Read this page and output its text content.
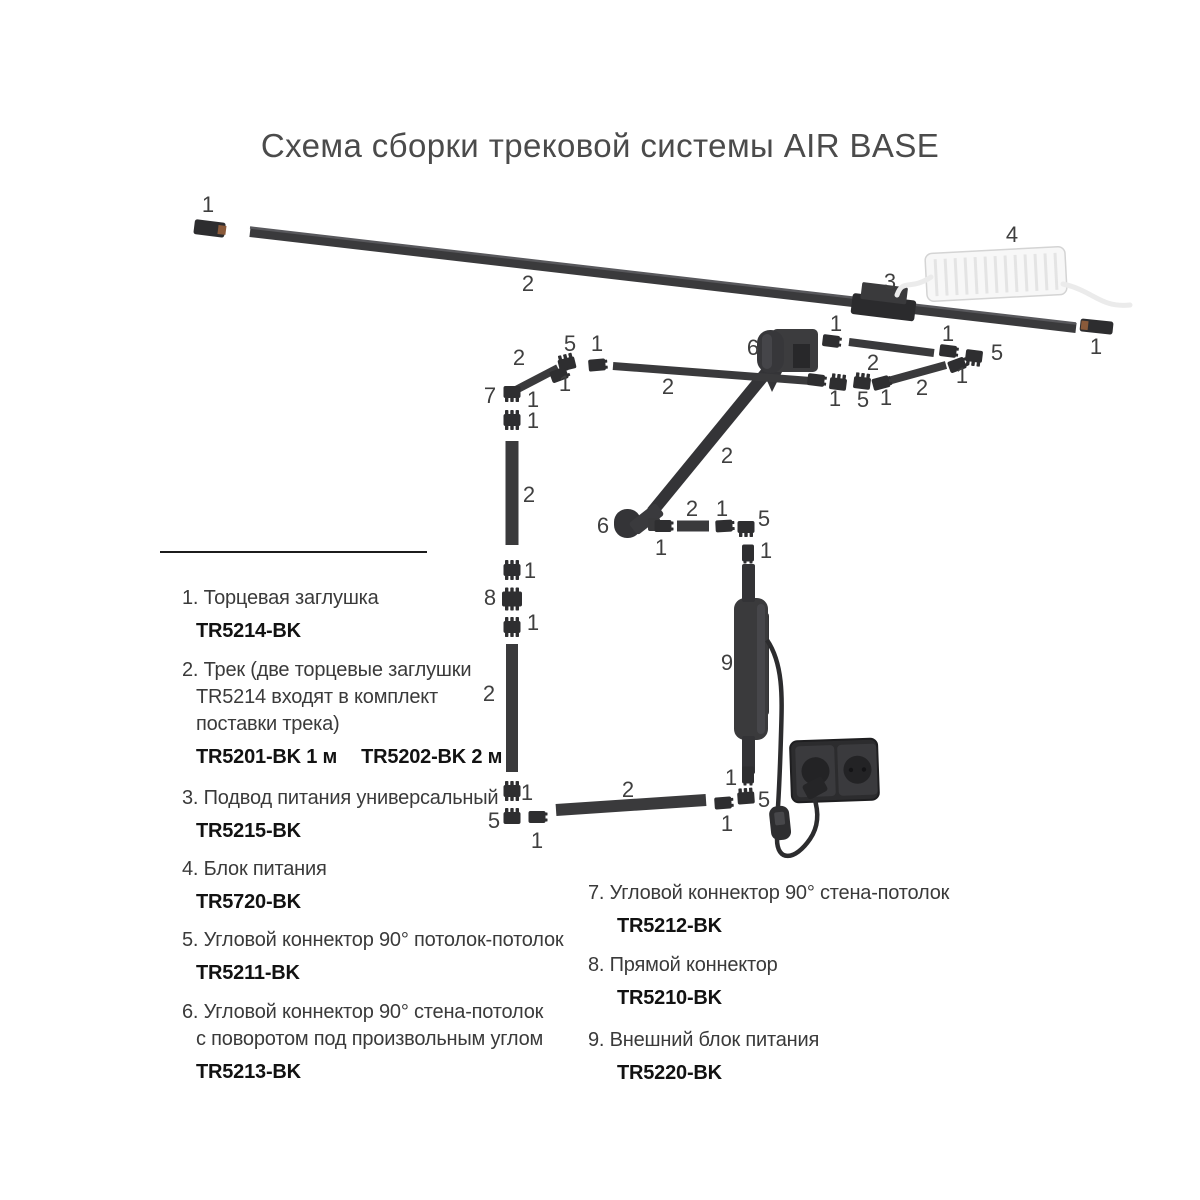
Схема сборки трековой системы AIR BASE
1
2	3
4
1
1
2
1
5
1
2
1 5 1
6
2
5 1
2
1
7 1
1
2
6
1
8
1
2
1
2 1 5
1
9
2
1
5
1
2
1
5
1
1. Торцевая заглушка
TR5214-BK
2. Трек (две торцевые заглушки
TR5214 входят в комплект
поставки трека)
TR5201-BK 1 м TR5202-BK 2 м
3. Подвод питания универсальный
TR5215-BK
4. Блок питания
TR5720-BK
5. Угловой коннектор 90° потолок-потолок
TR5211-BK
6. Угловой коннектор 90° стена-потолок
с поворотом под произвольным углом
TR5213-BK
7. Угловой коннектор 90° стена-потолок
TR5212-BK
8. Прямой коннектор
TR5210-BK
9. Внешний блок питания
TR5220-BK
